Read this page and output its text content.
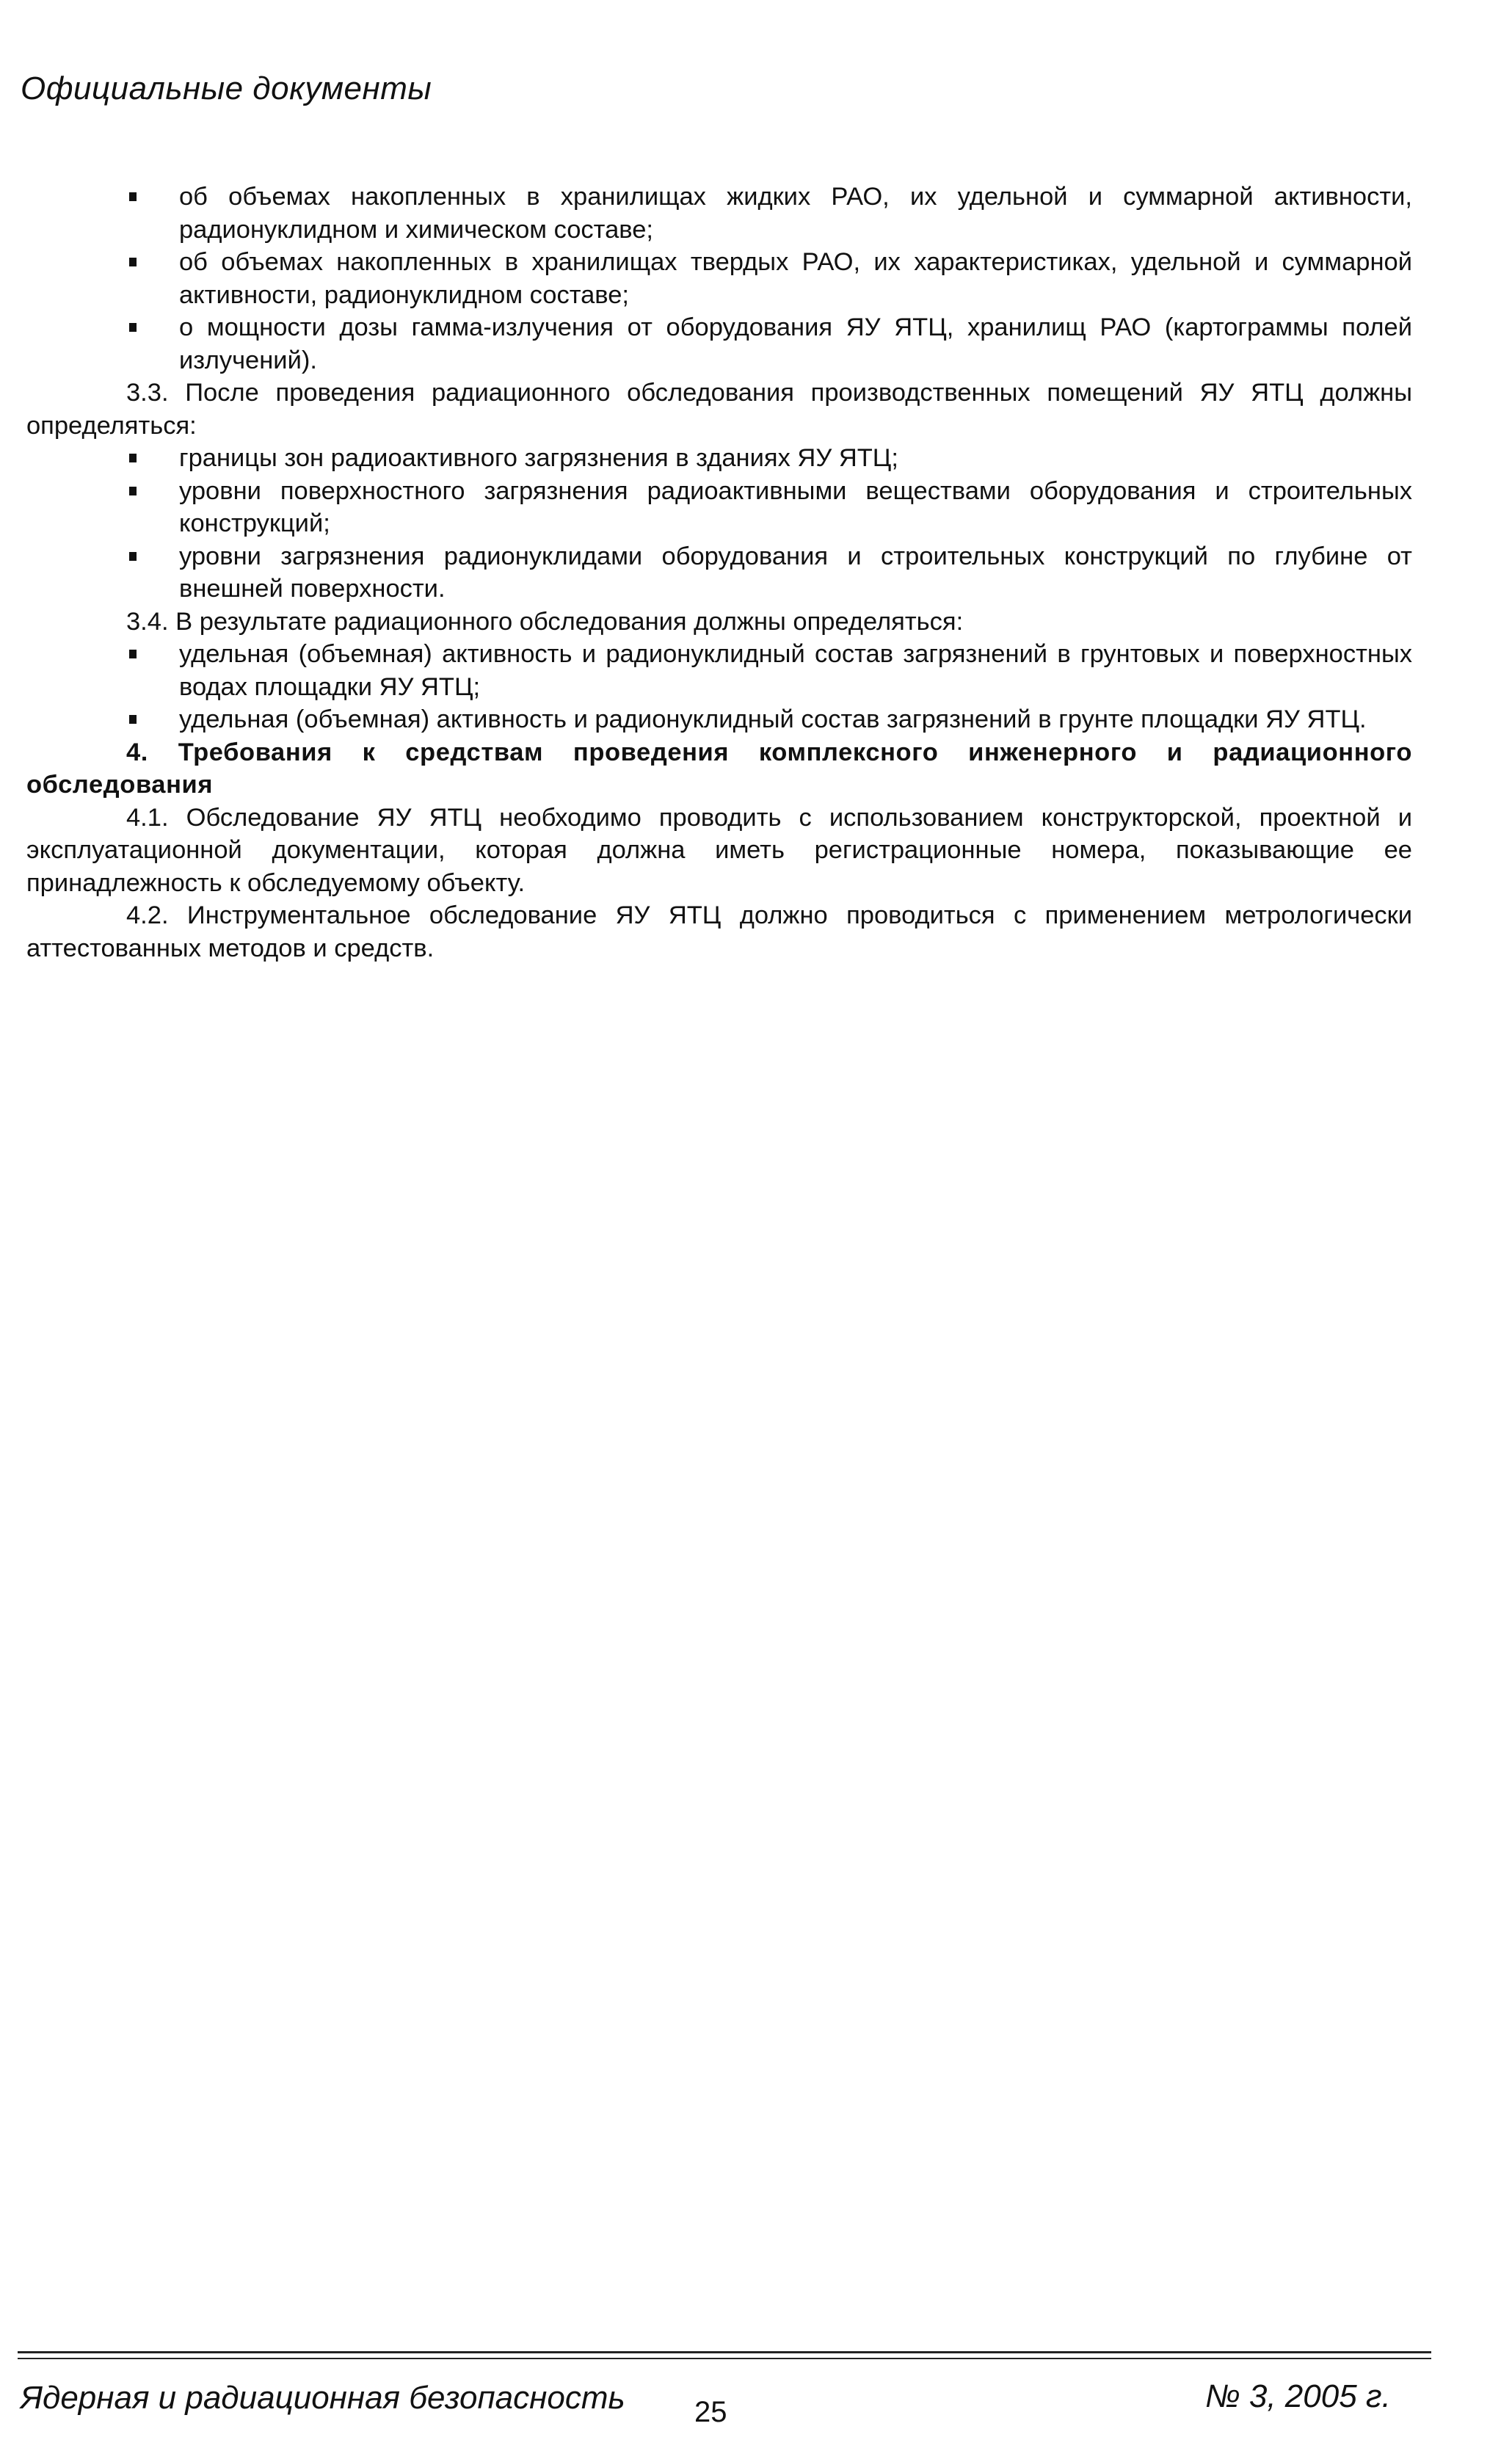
Официальные документы
об объемах накопленных в хранилищах жидких РАО, их удельной и суммарной активности, радионуклидном и химическом составе;
об объемах накопленных в хранилищах твердых РАО, их характеристиках, удельной и суммарной активности, радионуклидном составе;
о мощности дозы гамма-излучения от оборудования ЯУ ЯТЦ, хранилищ РАО (картограммы полей излучений).

3.3. После проведения радиационного обследования производственных помещений ЯУ ЯТЦ должны определяться:

границы зон радиоактивного загрязнения в зданиях ЯУ ЯТЦ;
уровни поверхностного загрязнения радиоактивными веществами оборудования и строительных конструкций;
уровни загрязнения радионуклидами оборудования и строительных конструкций по глубине от внешней поверхности.

3.4. В результате радиационного обследования должны определяться:

удельная (объемная) активность и радионуклидный состав загрязнений в грунтовых и поверхностных водах площадки ЯУ ЯТЦ;
удельная (объемная) активность и радионуклидный состав загрязнений в грунте площадки ЯУ ЯТЦ.

4. Требования к средствам проведения комплексного инженерного и радиационного обследования

4.1. Обследование ЯУ ЯТЦ необходимо проводить с использованием конструкторской, проектной и эксплуатационной документации, которая должна иметь регистрационные номера, показывающие ее принадлежность к обследуемому объекту.

4.2. Инструментальное обследование ЯУ ЯТЦ должно проводиться с применением метрологически аттестованных методов и средств.

Ядерная и радиационная безопасность 25	№ 3, 2005 г.
